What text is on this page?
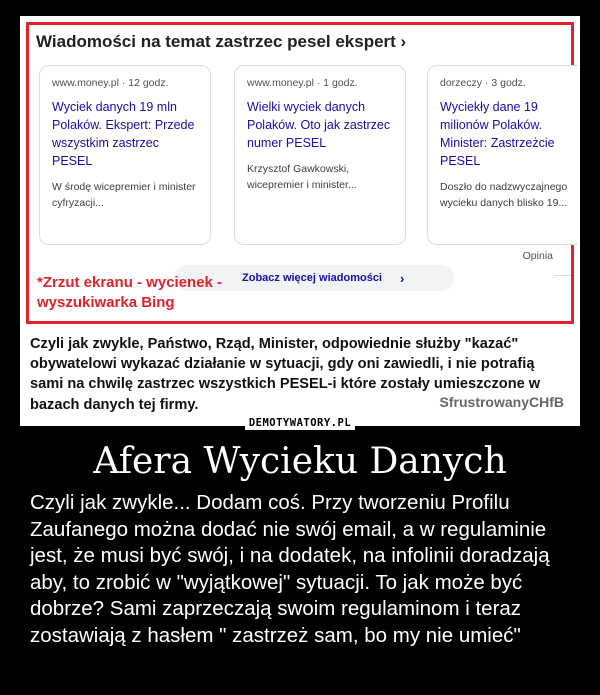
Wiadomości na temat zastrzec pesel ekspert ›
www.money.pl · 12 godz.
Wyciek danych 19 mln Polaków. Ekspert: Przede wszystkim zastrzec PESEL
W środę wicepremier i minister cyfryzacji...
www.money.pl · 1 godz.
Wielki wyciek danych Polaków. Oto jak zastrzec numer PESEL
Krzysztof Gawkowski, wicepremier i minister...
dorzeczy · 3 godz.
Wyciekły dane 19 milionów Polaków. Minister: Zastrzeżcie PESEL
Doszło do nadzwyczajnego wycieku danych blisko 19...
Opinia
Zobacz więcej wiadomości ›
*Zrzut ekranu - wycienek -
wyszukiwarka Bing
Czyli jak zwykle, Państwo, Rząd, Minister, odpowiednie służby "kazać" obywatelowi wykazać działanie w sytuacji, gdy oni zawiedli, i nie potrafią sami na chwilę zastrzec wszystkich PESEL-i które zostały umieszczone w bazach danych tej firmy.	SfrustrowanyCHfB
DEMOTYWATORY.PL
Afera Wycieku Danych
Czyli jak zwykle... Dodam coś. Przy tworzeniu Profilu Zaufanego można dodać nie swój email, a w regulaminie jest, że musi być swój, i na dodatek, na infolinii doradzają aby, to zrobić w "wyjątkowej" sytuacji. To jak może być dobrze? Sami zaprzeczają swoim regulaminom i teraz zostawiają z hasłem " zastrzeż sam, bo my nie umieć"
